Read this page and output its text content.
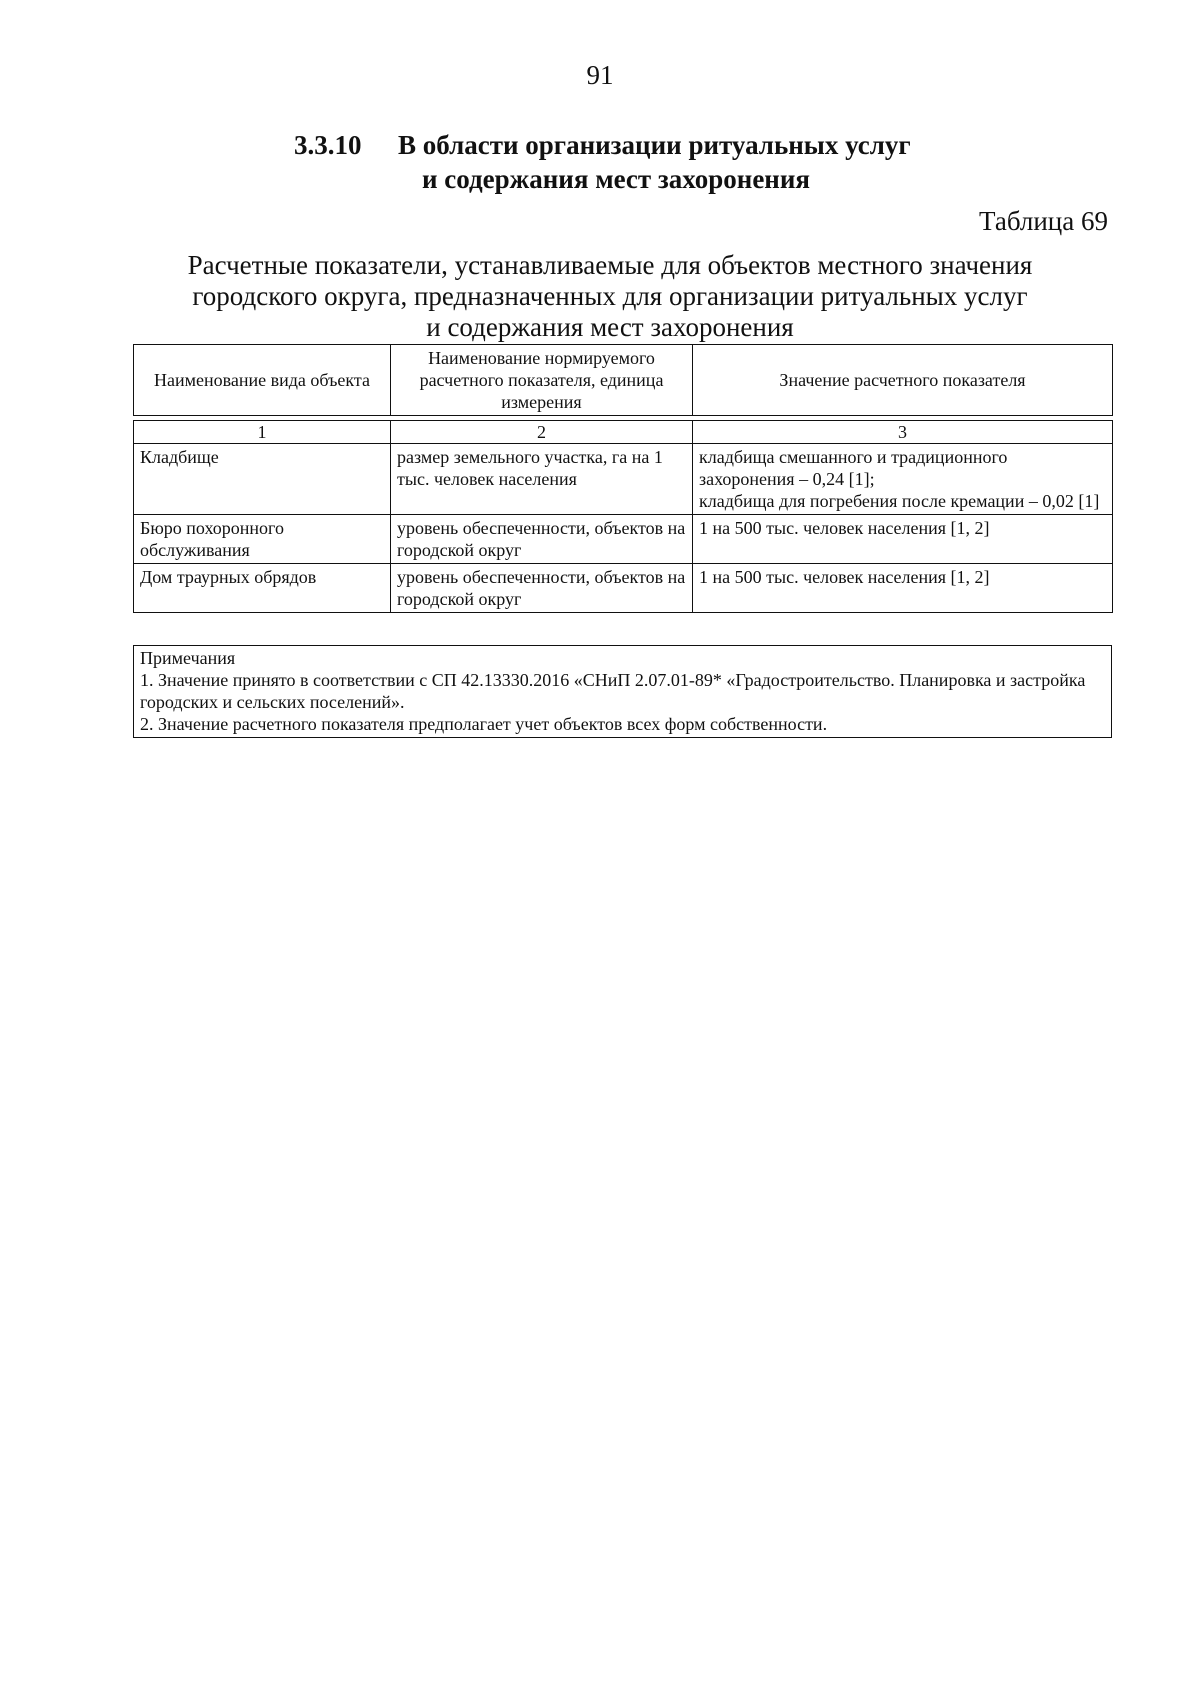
91
3.3.10 В области организации ритуальных услуг
и содержания мест захоронения
Таблица 69
Расчетные показатели, устанавливаемые для объектов местного значения
городского округа, предназначенных для организации ритуальных услуг
и содержания мест захоронения
Наименование вида объекта	Наименование нормируемого расчетного показателя, единица измерения	Значение расчетного показателя

1	2	3
Кладбище	размер земельного участка, га на 1 тыс. человек населения	кладбища смешанного и традиционного захоронения – 0,24 [1];
кладбища для погребения после кремации – 0,02 [1]

Бюро похоронного обслуживания	уровень обеспеченности, объектов на городской округ	1 на 500 тыс. человек населения [1, 2]
Дом траурных обрядов	уровень обеспеченности, объектов на городской округ	1 на 500 тыс. человек населения [1, 2]
Примечания
1. Значение принято в соответствии с СП 42.13330.2016 «СНиП 2.07.01-89* «Градостроительство. Планировка и застройка городских и сельских поселений».
2. Значение расчетного показателя предполагает учет объектов всех форм собственности.
